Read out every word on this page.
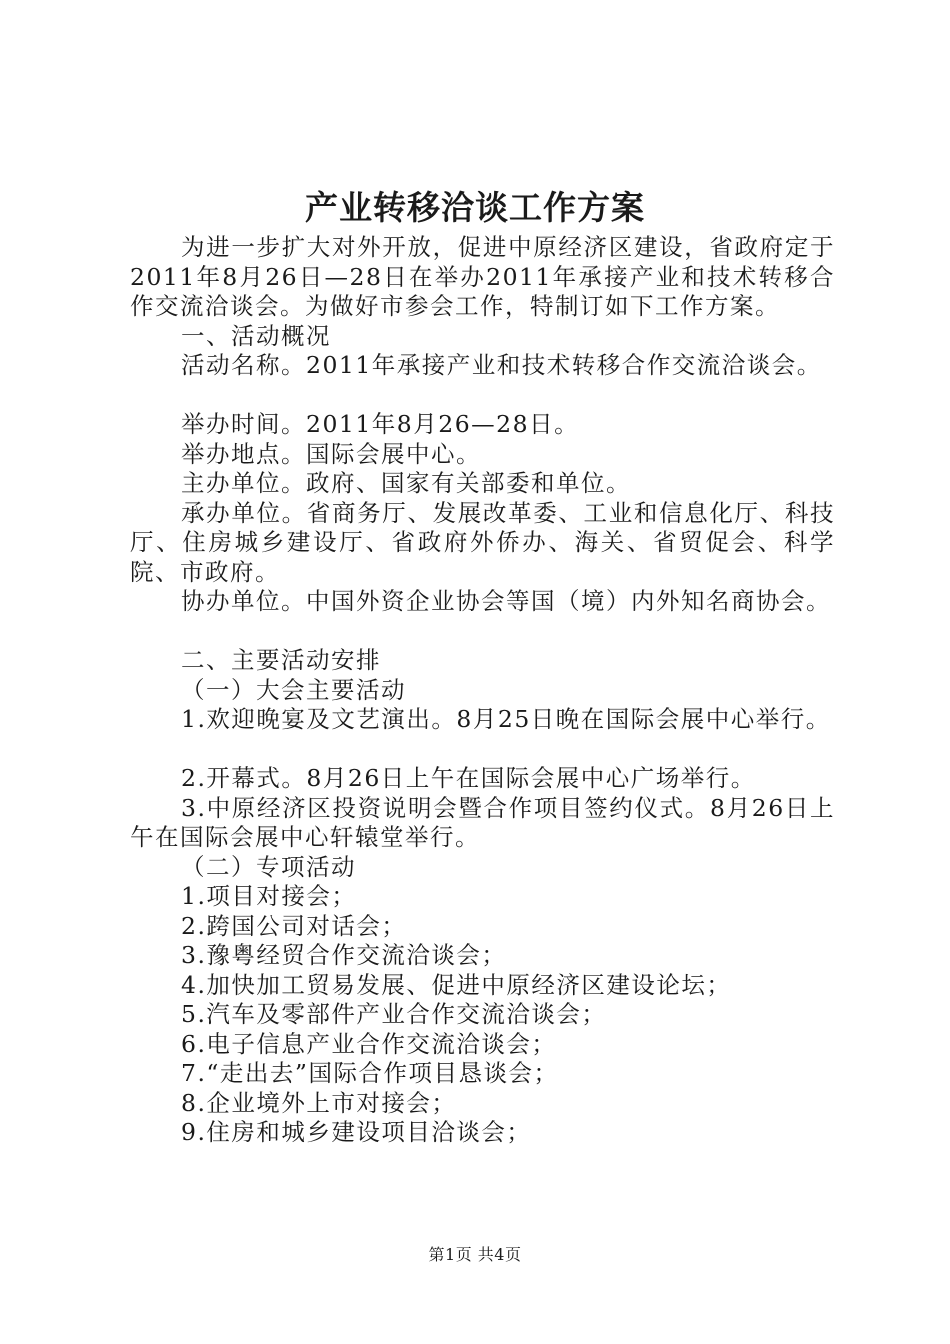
产业转移洽谈工作方案

为进一步扩大对外开放，促进中原经济区建设，省政府定于2011年8月26日—28日在举办2011年承接产业和技术转移合作交流洽谈会。为做好市参会工作，特制订如下工作方案。

一、活动概况

活动名称。2011年承接产业和技术转移合作交流洽谈会。

举办时间。2011年8月26—28日。

举办地点。国际会展中心。

主办单位。政府、国家有关部委和单位。

承办单位。省商务厅、发展改革委、工业和信息化厅、科技厅、住房城乡建设厅、省政府外侨办、海关、省贸促会、科学院、市政府。

协办单位。中国外资企业协会等国（境）内外知名商协会。

二、主要活动安排

（一）大会主要活动

1.欢迎晚宴及文艺演出。8月25日晚在国际会展中心举行。

2.开幕式。8月26日上午在国际会展中心广场举行。

3.中原经济区投资说明会暨合作项目签约仪式。8月26日上午在国际会展中心轩辕堂举行。

（二）专项活动

1.项目对接会；

2.跨国公司对话会；

3.豫粤经贸合作交流洽谈会；

4.加快加工贸易发展、促进中原经济区建设论坛；

5.汽车及零部件产业合作交流洽谈会；

6.电子信息产业合作交流洽谈会；

7.“走出去”国际合作项目恳谈会；

8.企业境外上市对接会；

9.住房和城乡建设项目洽谈会；

第1页 共4页
